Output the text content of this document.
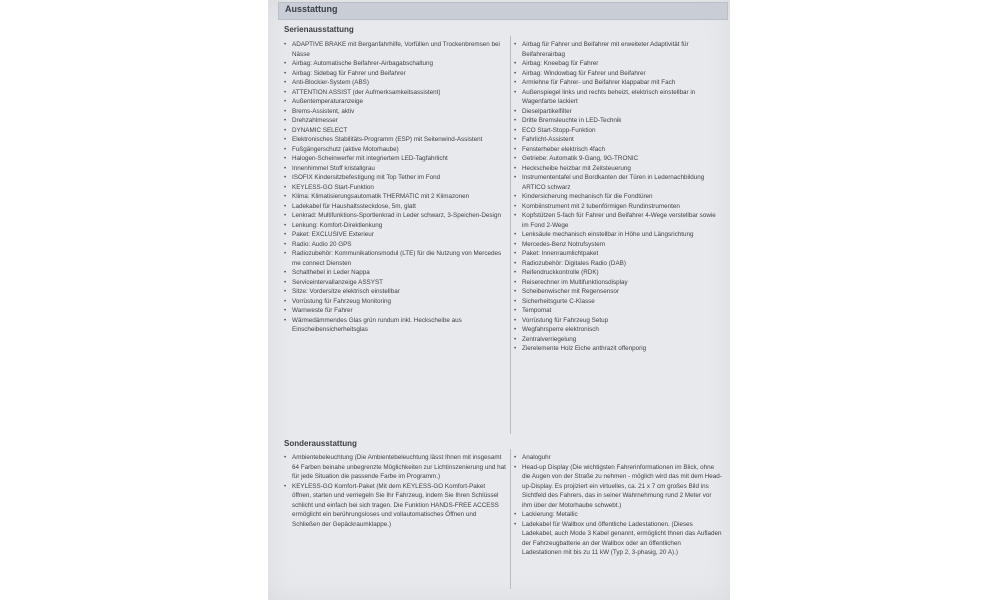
Ausstattung
Serienausstattung
• ADAPTIVE BRAKE mit Berganfahrhilfe, Vorfüllen und Trockenbremsen bei Nässe
• Airbag: Automatische Beifahrer-Airbagabschaltung
• Airbag: Sidebag für Fahrer und Beifahrer
• Anti-Blockier-System (ABS)
• ATTENTION ASSIST (der Aufmerksamkeitsassistent)
• Außentemperaturanzeige
• Brems-Assistent, aktiv
• Drehzahlmesser
• DYNAMIC SELECT
• Elektronisches Stabilitäts-Programm (ESP) mit Seitenwind-Assistent
• Fußgängerschutz (aktive Motorhaube)
• Halogen-Scheinwerfer mit integriertem LED-Tagfahrlicht
• Innenhimmel Stoff kristallgrau
• ISOFIX Kindersitzbefestigung mit Top Tether im Fond
• KEYLESS-GO Start-Funktion
• Klima: Klimatisierungsautomatik THERMATIC mit 2 Klimazonen
• Ladekabel für Haushaltssteckdose, 5m, glatt
• Lenkrad: Multifunktions-Sportlenkrad in Leder schwarz, 3-Speichen-Design
• Lenkung: Komfort-Direktlenkung
• Paket: EXCLUSIVE Exterieur
• Radio: Audio 20 GPS
• Radiozubehör: Kommunikationsmodul (LTE) für die Nutzung von Mercedes me connect Diensten
• Schalthebel in Leder Nappa
• Serviceintervallanzeige ASSYST
• Sitze: Vordersitze elektrisch einstellbar
• Vorrüstung für Fahrzeug Monitoring
• Warnweste für Fahrer
• Wärmedämmendes Glas grün rundum inkl. Heckscheibe aus Einscheibensicherheitsglas
• Airbag für Fahrer und Beifahrer mit erweiteter Adaptivität für Beifahrerairbag
• Airbag: Kneebag für Fahrer
• Airbag: Windowbag für Fahrer und Beifahrer
• Armlehne für Fahrer- und Beifahrer klappabar mit Fach
• Außenspiegel links und rechts beheizt, elektrisch einstellbar in Wagenfarbe lackiert
• Dieselpartikelfilter
• Dritte Bremsleuchte in LED-Technik
• ECO Start-Stopp-Funktion
• Fahrlicht-Assistent
• Fensterheber elektrisch 4fach
• Getriebe: Automatik 9-Gang, 9G-TRONIC
• Heckscheibe heizbar mit Zeitsteuerung
• Instrumententafel und Bordkanten der Türen in Ledernachbildung ARTICO schwarz
• Kindersicherung mechanisch für die Fondtüren
• Kombiinstrument mit 2 tubenförmigen Rundinstrumenten
• Kopfstützen 5-fach für Fahrer und Beifahrer 4-Wege verstellbar sowie im Fond 2-Wege
• Lenksäule mechanisch einstellbar in Höhe und Längsrichtung
• Mercedes-Benz Notrufsystem
• Paket: Innenraumlichtpaket
• Radiozubehör: Digitales Radio (DAB)
• Reifendruckkontrolle (RDK)
• Reiserechner im Multifunktionsdisplay
• Scheibenwischer mit Regensensor
• Sicherheitsgurte C-Klasse
• Tempomat
• Vorrüstung für Fahrzeug Setup
• Wegfahrsperre elektronisch
• Zentralverriegelung
• Zierelemente Holz Eiche anthrazit offenporig
Sonderausstattung
• Ambientebeleuchtung (Die Ambientebeleuchtung lässt Ihnen mit insgesamt 64 Farben beinahe unbegrenzte Möglichkeiten zur Lichtinszenierung und hat für jede Situation die passende Farbe im Programm.)
• KEYLESS-GO Komfort-Paket (Mit dem KEYLESS-GO Komfort-Paket öffnen, starten und verriegeln Sie Ihr Fahrzeug, indem Sie Ihren Schlüssel schlicht und einfach bei sich tragen. Die Funktion HANDS-FREE ACCESS ermöglicht ein berührungsloses und vollautomatisches Öffnen und Schließen der Gepäckraumklappe.)
• Analoguhr
• Head-up Display (Die wichtigsten Fahrerinformationen im Blick, ohne die Augen von der Straße zu nehmen - möglich wird das mit dem Head-up-Display. Es projiziert ein virtuelles, ca. 21 x 7 cm großes Bild ins Sichtfeld des Fahrers, das in seiner Wahrnehmung rund 2 Meter vor ihm über der Motorhaube schwebt.)
• Lackierung: Metallic
• Ladekabel für Wallbox und öffentliche Ladestationen. (Dieses Ladekabel, auch Mode 3 Kabel genannt, ermöglicht Ihnen das Aufladen der Fahrzeugbatterie an der Wallbox oder an öffentlichen Ladestationen mit bis zu 11 kW (Typ 2, 3-phasig, 20 A).)
